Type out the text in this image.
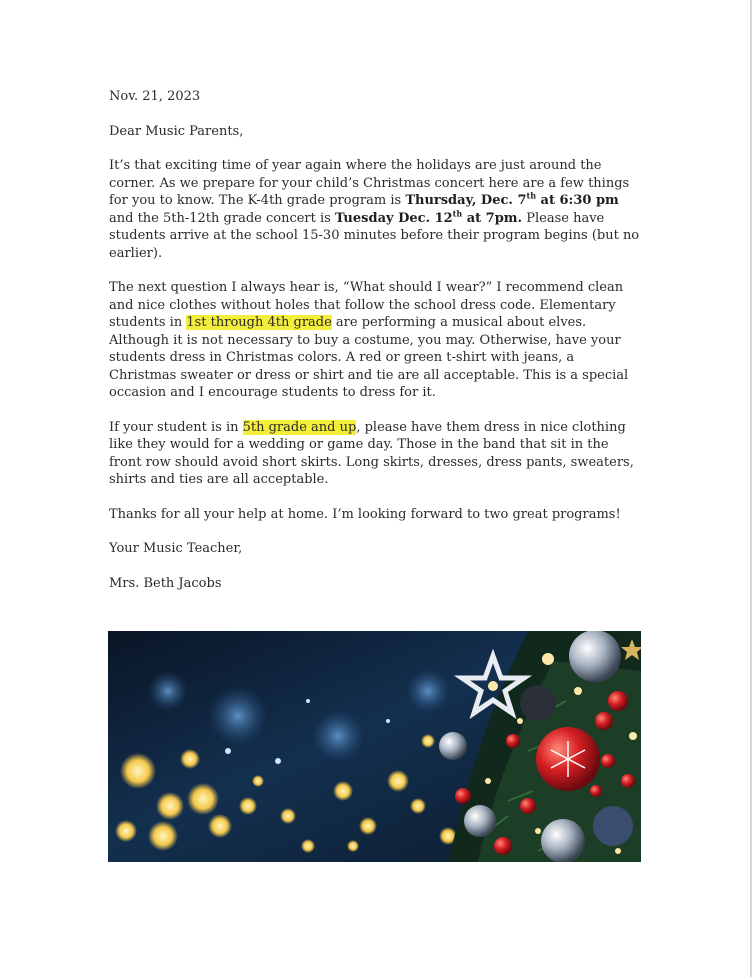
Nov. 21, 2023

Dear Music Parents,

It’s that exciting time of year again where the holidays are just around the corner. As we prepare for your child’s Christmas concert here are a few things for you to know. The K-4th grade program is Thursday, Dec. 7th at 6:30 pm and the 5th-12th grade concert is Tuesday Dec. 12th at 7pm. Please have students arrive at the school 15-30 minutes before their program begins (but no earlier).

The next question I always hear is, “What should I wear?” I recommend clean and nice clothes without holes that follow the school dress code. Elementary students in 1st through 4th grade are performing a musical about elves. Although it is not necessary to buy a costume, you may. Otherwise, have your students dress in Christmas colors. A red or green t-shirt with jeans, a Christmas sweater or dress or shirt and tie are all acceptable. This is a special occasion and I encourage students to dress for it.

If your student is in 5th grade and up, please have them dress in nice clothing like they would for a wedding or game day. Those in the band that sit in the front row should avoid short skirts. Long skirts, dresses, dress pants, sweaters, shirts and ties are all acceptable.

Thanks for all your help at home. I’m looking forward to two great programs!

Your Music Teacher,

Mrs. Beth Jacobs
